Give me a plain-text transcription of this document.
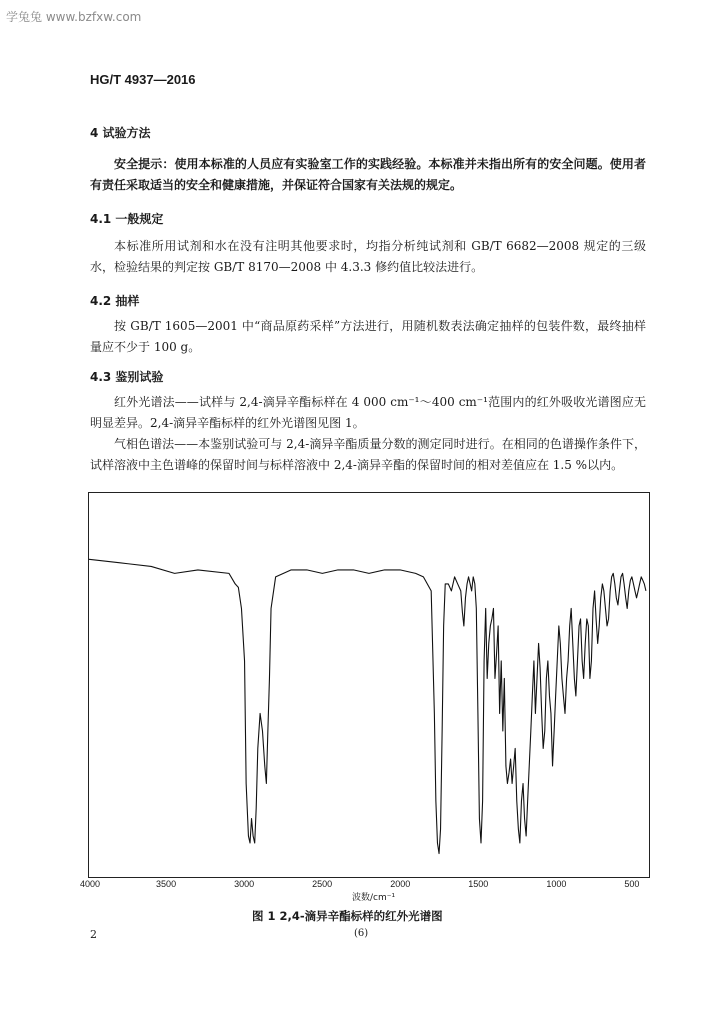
学兔兔 www.bzfxw.com
HG/T 4937—2016
4 试验方法
安全提示：使用本标准的人员应有实验室工作的实践经验。本标准并未指出所有的安全问题。使用者有责任采取适当的安全和健康措施，并保证符合国家有关法规的规定。
4.1 一般规定
本标准所用试剂和水在没有注明其他要求时，均指分析纯试剂和 GB/T 6682—2008 规定的三级水，检验结果的判定按 GB/T 8170—2008 中 4.3.3 修约值比较法进行。
4.2 抽样
按 GB/T 1605—2001 中“商品原药采样”方法进行，用随机数表法确定抽样的包装件数，最终抽样量应不少于 100 g。
4.3 鉴别试验
红外光谱法——试样与 2,4-滴异辛酯标样在 4 000 cm⁻¹～400 cm⁻¹范围内的红外吸收光谱图应无明显差异。2,4-滴异辛酯标样的红外光谱图见图 1。
气相色谱法——本鉴别试验可与 2,4-滴异辛酯质量分数的测定同时进行。在相同的色谱操作条件下，试样溶液中主色谱峰的保留时间与标样溶液中 2,4-滴异辛酯的保留时间的相对差值应在 1.5 %以内。
4000	3500	3000	2500	2000	1500	1000	500
波数/cm⁻¹
图 1 2,4-滴异辛酯标样的红外光谱图
2	(6)
